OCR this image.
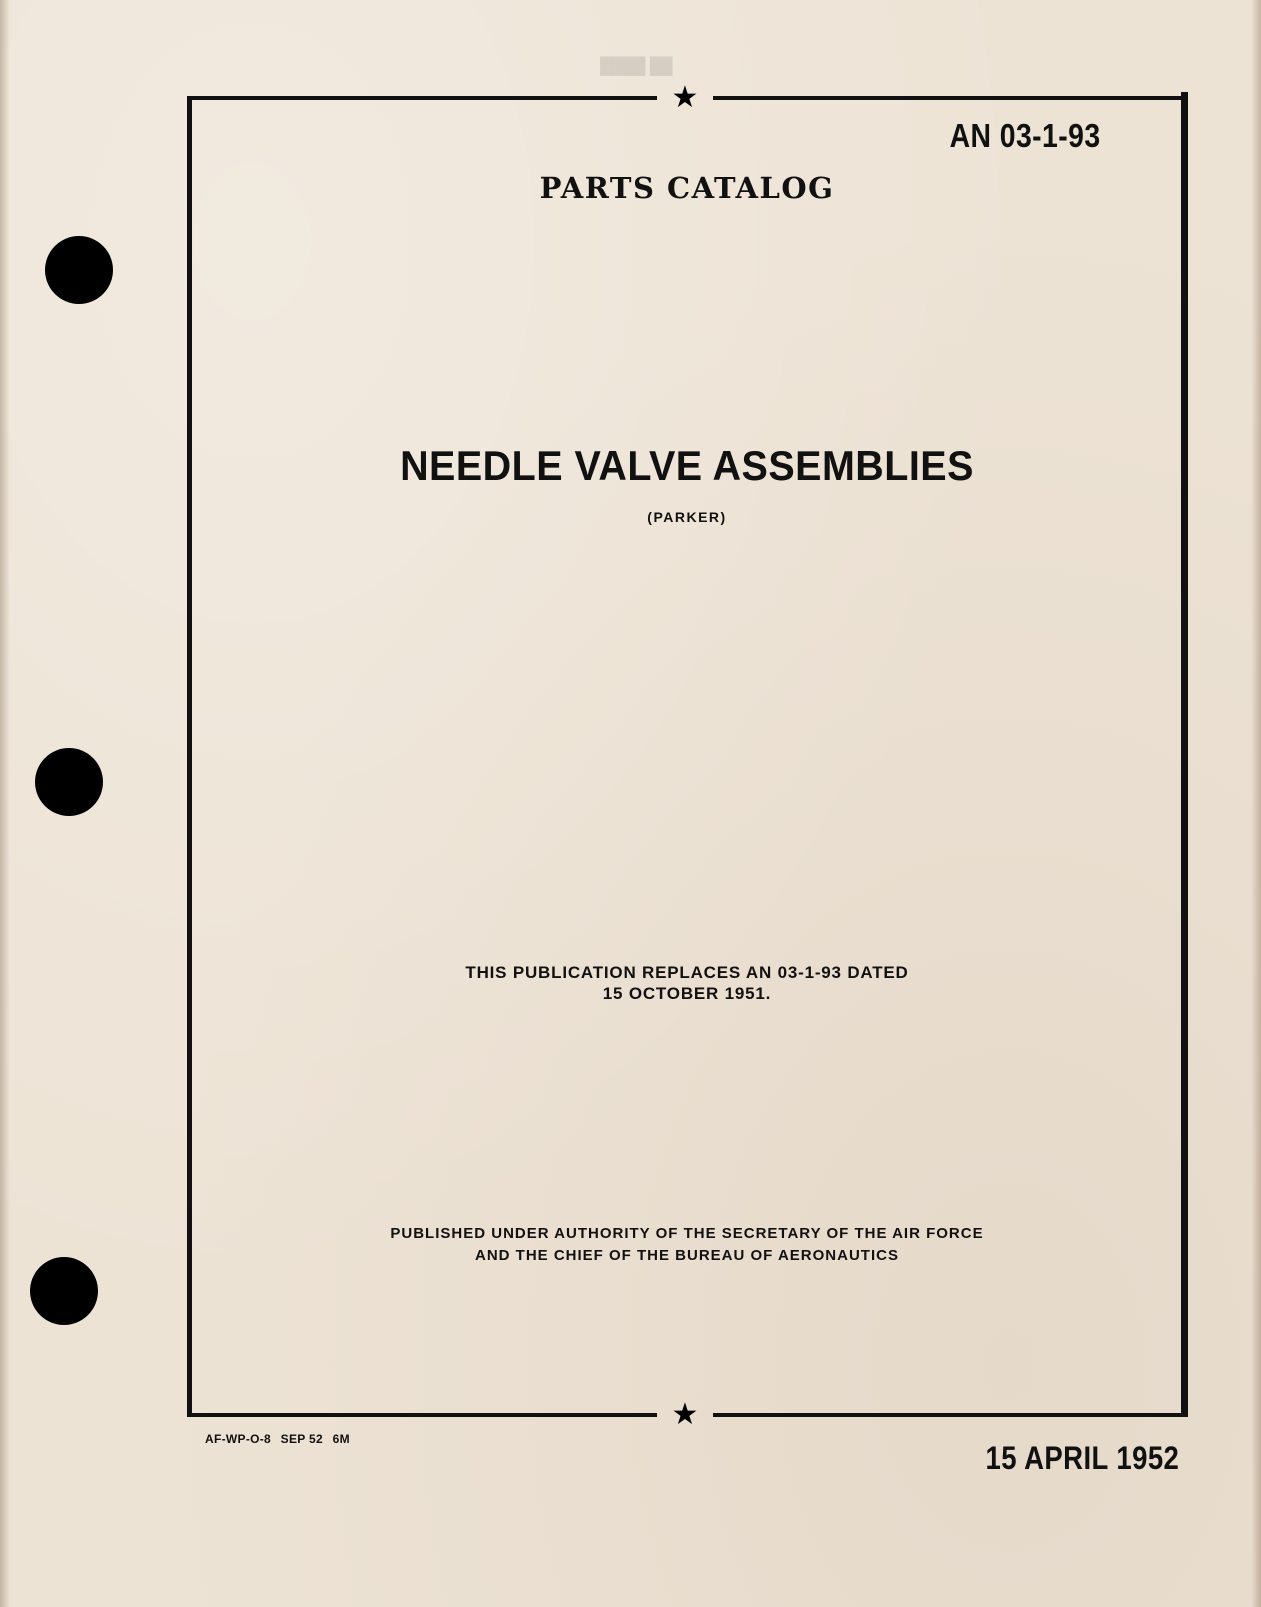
██ ████
★
★
AN 03-1-93
PARTS CATALOG
NEEDLE VALVE ASSEMBLIES
(PARKER)
THIS PUBLICATION REPLACES AN 03-1-93 DATED
15 OCTOBER 1951.
PUBLISHED UNDER AUTHORITY OF THE SECRETARY OF THE AIR FORCE
AND THE CHIEF OF THE BUREAU OF AERONAUTICS
AF-WP-O-8 SEP 52 6M
15 APRIL 1952
